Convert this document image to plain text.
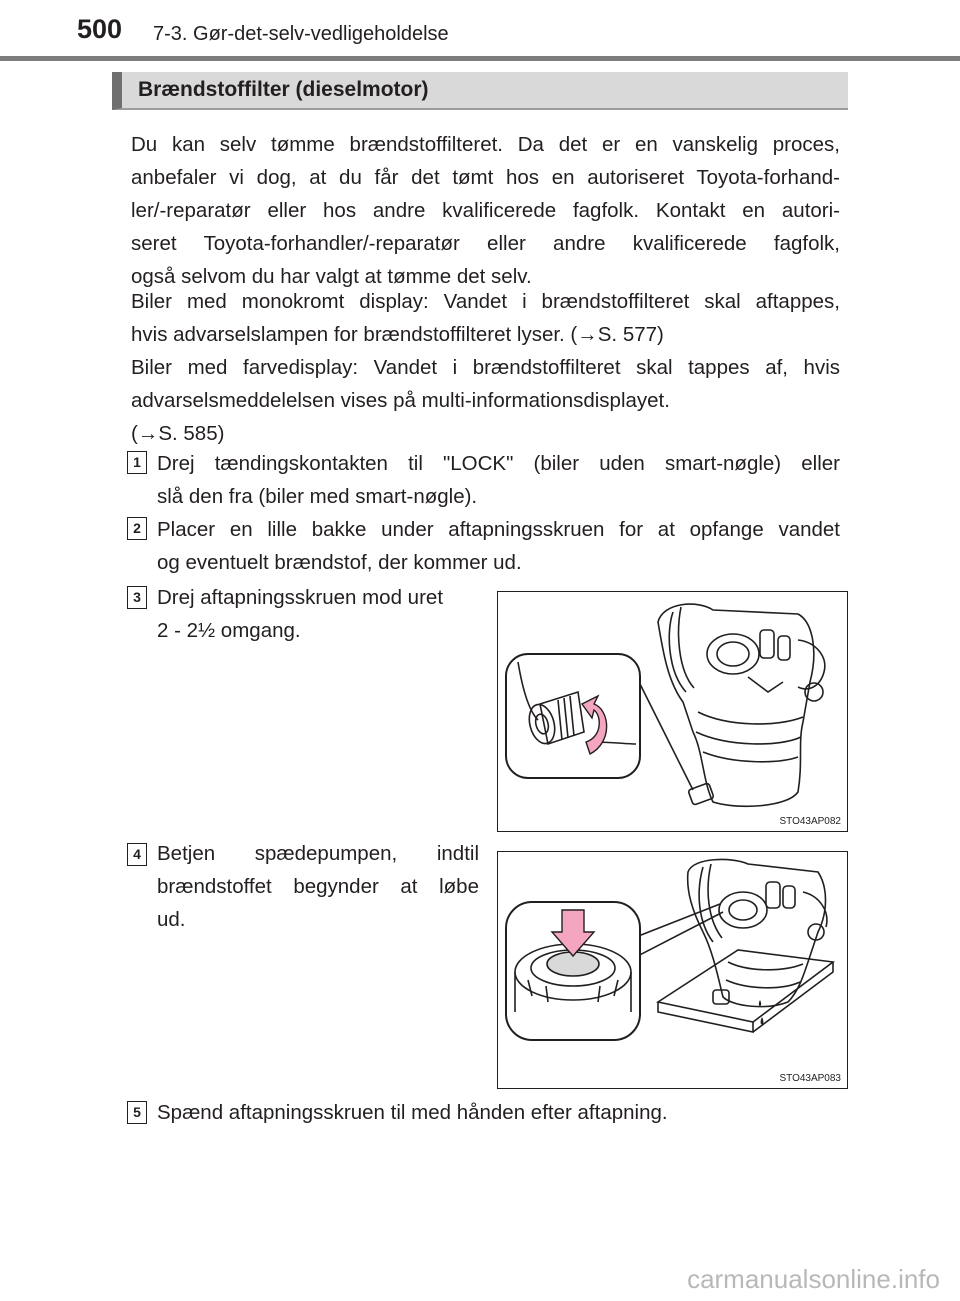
500 7-3. Gør-det-selv-vedligeholdelse
Brændstoffilter (dieselmotor)
Du kan selv tømme brændstoffilteret. Da det er en vanskelig proces,
anbefaler vi dog, at du får det tømt hos en autoriseret Toyota-forhand-
ler/-reparatør eller hos andre kvalificerede fagfolk. Kontakt en autori-
seret Toyota-forhandler/-reparatør eller andre kvalificerede fagfolk,
også selvom du har valgt at tømme det selv.
Biler med monokromt display: Vandet i brændstoffilteret skal aftappes,
hvis advarselslampen for brændstoffilteret lyser. (→S. 577)
Biler med farvedisplay: Vandet i brændstoffilteret skal tappes af, hvis
advarselsmeddelelsen vises på multi-informationsdisplayet.
(→S. 585)
1 Drej tændingskontakten til "LOCK" (biler uden smart-nøgle) eller
slå den fra (biler med smart-nøgle).
2 Placer en lille bakke under aftapningsskruen for at opfange vandet
og eventuelt brændstof, der kommer ud.
3 Drej aftapningsskruen mod uret
2 - 2½ omgang.
STO43AP082
4 Betjen spædepumpen, indtil
brændstoffet begynder at løbe
ud.
STO43AP083
5 Spænd aftapningsskruen til med hånden efter aftapning.
carmanualsonline.info
